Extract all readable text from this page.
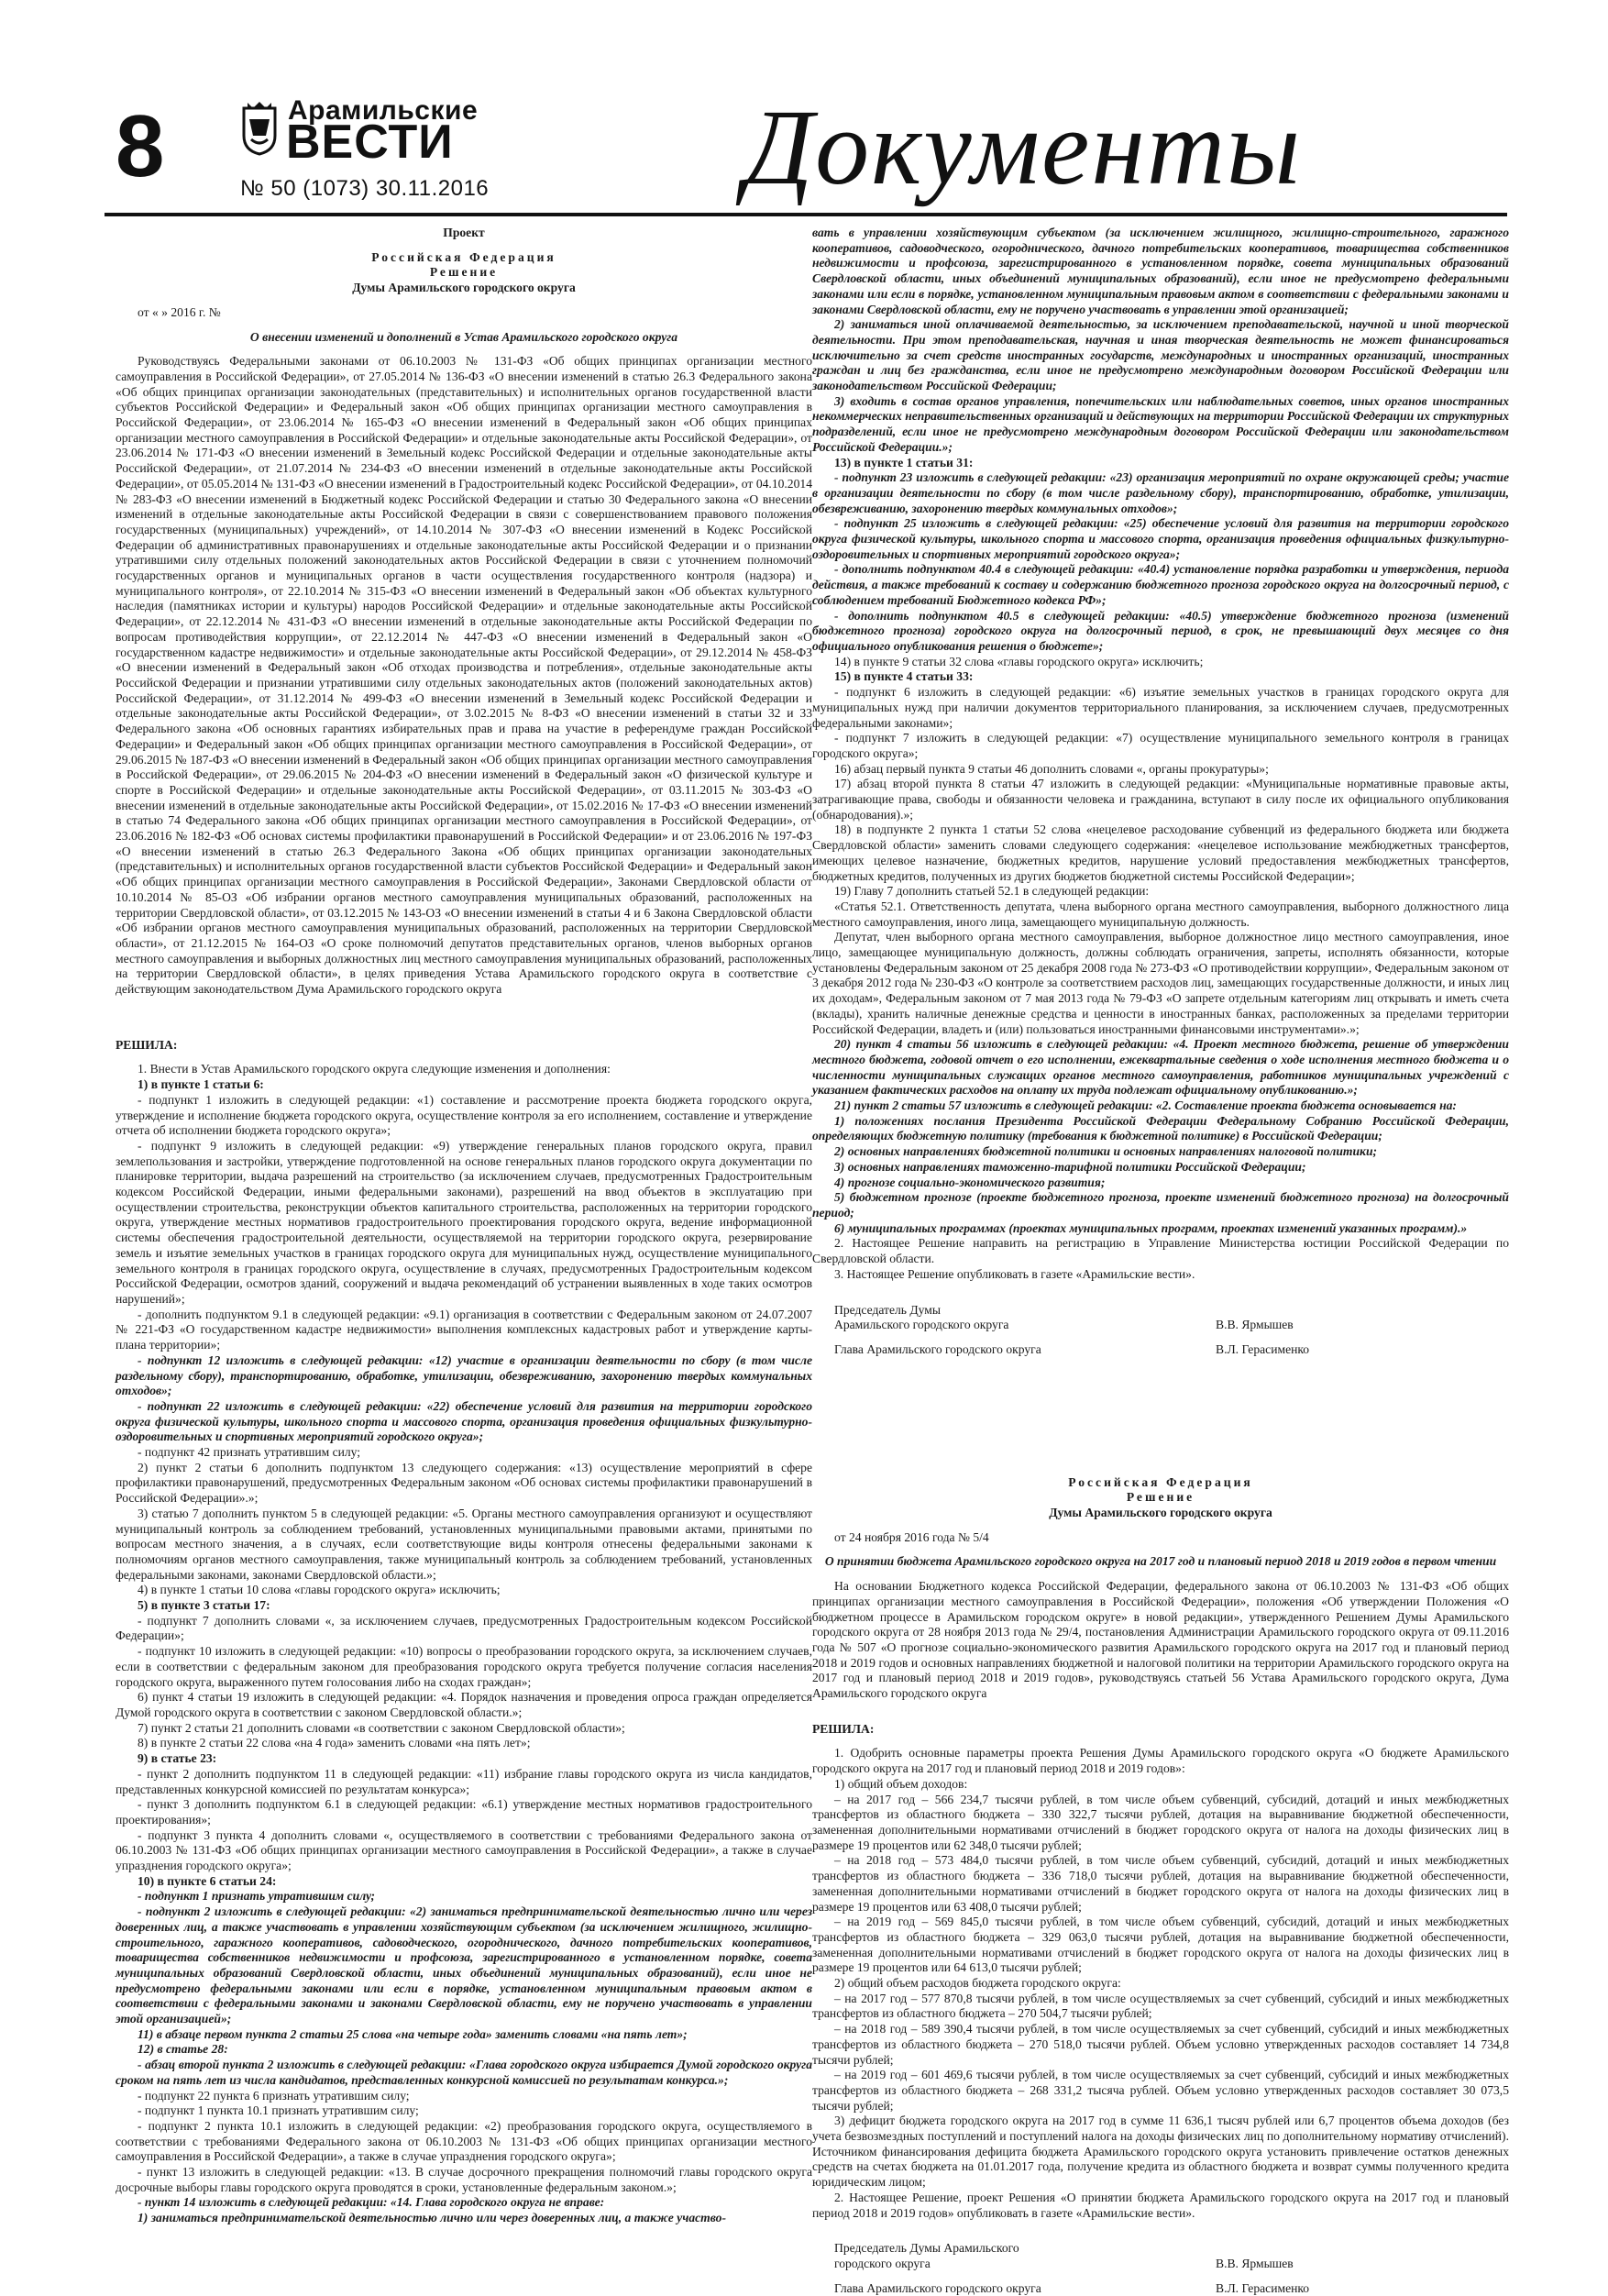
8	Арамильские
ВЕСТИ
№ 50 (1073) 30.11.2016 Документы

Проект

Российская Федерация

Решение

Думы Арамильского городского округа

от « » 2016 г. №

О внесении изменений и дополнений в Устав Арамильского городского округа

Руководствуясь Федеральными законами от 06.10.2003 № 131-ФЗ «Об общих принципах организации местного самоуправления в Российской Федерации», от 27.05.2014 № 136-ФЗ «О внесении изменений в статью 26.3 Федерального закона «Об общих принципах организации законодательных (представительных) и исполнительных органов государственной власти субъектов Российской Федерации» и Федеральный закон «Об общих принципах организации местного самоуправления в Российской Федерации», от 23.06.2014 № 165-ФЗ «О внесении изменений в Федеральный закон «Об общих принципах организации местного самоуправления в Российской Федерации» и отдельные законодательные акты Российской Федерации», от 23.06.2014 № 171-ФЗ «О внесении изменений в Земельный кодекс Российской Федерации и отдельные законодательные акты Российской Федерации», от 21.07.2014 № 234-ФЗ «О внесении изменений в отдельные законодательные акты Российской Федерации», от 05.05.2014 № 131-ФЗ «О внесении изменений в Градостроительный кодекс Российской Федерации», от 04.10.2014 № 283-ФЗ «О внесении изменений в Бюджетный кодекс Российской Федерации и статью 30 Федерального закона «О внесении изменений в отдельные законодательные акты Российской Федерации в связи с совершенствованием правового положения государственных (муниципальных) учреждений», от 14.10.2014 № 307-ФЗ «О внесении изменений в Кодекс Российской Федерации об административных правонарушениях и отдельные законодательные акты Российской Федерации и о признании утратившими силу отдельных положений законодательных актов Российской Федерации в связи с уточнением полномочий государственных органов и муниципальных органов в части осуществления государственного контроля (надзора) и муниципального контроля», от 22.10.2014 № 315-ФЗ «О внесении изменений в Федеральный закон «Об объектах культурного наследия (памятниках истории и культуры) народов Российской Федерации» и отдельные законодательные акты Российской Федерации», от 22.12.2014 № 431-ФЗ «О внесении изменений в отдельные законодательные акты Российской Федерации по вопросам противодействия коррупции», от 22.12.2014 № 447-ФЗ «О внесении изменений в Федеральный закон «О государственном кадастре недвижимости» и отдельные законодательные акты Российской Федерации», от 29.12.2014 № 458-ФЗ «О внесении изменений в Федеральный закон «Об отходах производства и потребления», отдельные законодательные акты Российской Федерации и признании утратившими силу отдельных законодательных актов (положений законодательных актов) Российской Федерации», от 31.12.2014 № 499-ФЗ «О внесении изменений в Земельный кодекс Российской Федерации и отдельные законодательные акты Российской Федерации», от 3.02.2015 № 8-ФЗ «О внесении изменений в статьи 32 и 33 Федерального закона «Об основных гарантиях избирательных прав и права на участие в референдуме граждан Российской Федерации» и Федеральный закон «Об общих принципах организации местного самоуправления в Российской Федерации», от 29.06.2015 № 187-ФЗ «О внесении изменений в Федеральный закон «Об общих принципах организации местного самоуправления в Российской Федерации», от 29.06.2015 № 204-ФЗ «О внесении изменений в Федеральный закон «О физической культуре и спорте в Российской Федерации» и отдельные законодательные акты Российской Федерации», от 03.11.2015 № 303-ФЗ «О внесении изменений в отдельные законодательные акты Российской Федерации», от 15.02.2016 № 17-ФЗ «О внесении изменений в статью 74 Федерального закона «Об общих принципах организации местного самоуправления в Российской Федерации», от 23.06.2016 № 182-ФЗ «Об основах системы профилактики правонарушений в Российской Федерации» и от 23.06.2016 № 197-ФЗ «О внесении изменений в статью 26.3 Федерального Закона «Об общих принципах организации законодательных (представительных) и исполнительных органов государственной власти субъектов Российской Федерации» и Федеральный закон «Об общих принципах организации местного самоуправления в Российской Федерации», Законами Свердловской области от 10.10.2014 № 85-ОЗ «Об избрании органов местного самоуправления муниципальных образований, расположенных на территории Свердловской области», от 03.12.2015 № 143-ОЗ «О внесении изменений в статьи 4 и 6 Закона Свердловской области «Об избрании органов местного самоуправления муниципальных образований, расположенных на территории Свердловской области», от 21.12.2015 № 164-ОЗ «О сроке полномочий депутатов представительных органов, членов выборных органов местного самоуправления и выборных должностных лиц местного самоуправления муниципальных образований, расположенных на территории Свердловской области», в целях приведения Устава Арамильского городского округа в соответствие с действующим законодательством Дума Арамильского городского округа

РЕШИЛА:

1. Внести в Устав Арамильского городского округа следующие изменения и дополнения:

1) в пункте 1 статьи 6:

- подпункт 1 изложить в следующей редакции: «1) составление и рассмотрение проекта бюджета городского округа, утверждение и исполнение бюджета городского округа, осуществление контроля за его исполнением, составление и утверждение отчета об исполнении бюджета городского округа»;

- подпункт 9 изложить в следующей редакции: «9) утверждение генеральных планов городского округа, правил землепользования и застройки, утверждение подготовленной на основе генеральных планов городского округа документации по планировке территории, выдача разрешений на строительство (за исключением случаев, предусмотренных Градостроительным кодексом Российской Федерации, иными федеральными законами), разрешений на ввод объектов в эксплуатацию при осуществлении строительства, реконструкции объектов капитального строительства, расположенных на территории городского округа, утверждение местных нормативов градостроительного проектирования городского округа, ведение информационной системы обеспечения градостроительной деятельности, осуществляемой на территории городского округа, резервирование земель и изъятие земельных участков в границах городского округа для муниципальных нужд, осуществление муниципального земельного контроля в границах городского округа, осуществление в случаях, предусмотренных Градостроительным кодексом Российской Федерации, осмотров зданий, сооружений и выдача рекомендаций об устранении выявленных в ходе таких осмотров нарушений»;

- дополнить подпунктом 9.1 в следующей редакции: «9.1) организация в соответствии с Федеральным законом от 24.07.2007 № 221-ФЗ «О государственном кадастре недвижимости» выполнения комплексных кадастровых работ и утверждение карты-плана территории»;

- подпункт 12 изложить в следующей редакции: «12) участие в организации деятельности по сбору (в том числе раздельному сбору), транспортированию, обработке, утилизации, обезвреживанию, захоронению твердых коммунальных отходов»;

- подпункт 22 изложить в следующей редакции: «22) обеспечение условий для развития на территории городского округа физической культуры, школьного спорта и массового спорта, организация проведения официальных физкультурно-оздоровительных и спортивных мероприятий городского округа»;

- подпункт 42 признать утратившим силу;

2) пункт 2 статьи 6 дополнить подпунктом 13 следующего содержания: «13) осуществление мероприятий в сфере профилактики правонарушений, предусмотренных Федеральным законом «Об основах системы профилактики правонарушений в Российской Федерации».»;

3) статью 7 дополнить пунктом 5 в следующей редакции: «5. Органы местного самоуправления организуют и осуществляют муниципальный контроль за соблюдением требований, установленных муниципальными правовыми актами, принятыми по вопросам местного значения, а в случаях, если соответствующие виды контроля отнесены федеральными законами к полномочиям органов местного самоуправления, также муниципальный контроль за соблюдением требований, установленных федеральными законами, законами Свердловской области.»;

4) в пункте 1 статьи 10 слова «главы городского округа» исключить;

5) в пункте 3 статьи 17:

- подпункт 7 дополнить словами «, за исключением случаев, предусмотренных Градостроительным кодексом Российской Федерации»;

- подпункт 10 изложить в следующей редакции: «10) вопросы о преобразовании городского округа, за исключением случаев, если в соответствии с федеральным законом для преобразования городского округа требуется получение согласия населения городского округа, выраженного путем голосования либо на сходах граждан»;

6) пункт 4 статьи 19 изложить в следующей редакции: «4. Порядок назначения и проведения опроса граждан определяется Думой городского округа в соответствии с законом Свердловской области.»;

7) пункт 2 статьи 21 дополнить словами «в соответствии с законом Свердловской области»;

8) в пункте 2 статьи 22 слова «на 4 года» заменить словами «на пять лет»;

9) в статье 23:

- пункт 2 дополнить подпунктом 11 в следующей редакции: «11) избрание главы городского округа из числа кандидатов, представленных конкурсной комиссией по результатам конкурса»;

- пункт 3 дополнить подпунктом 6.1 в следующей редакции: «6.1) утверждение местных нормативов градостроительного проектирования»;

- подпункт 3 пункта 4 дополнить словами «, осуществляемого в соответствии с требованиями Федерального закона от 06.10.2003 № 131-ФЗ «Об общих принципах организации местного самоуправления в Российской Федерации», а также в случае упразднения городского округа»;

10) в пункте 6 статьи 24:

- подпункт 1 признать утратившим силу;

- подпункт 2 изложить в следующей редакции: «2) заниматься предпринимательской деятельностью лично или через доверенных лиц, а также участвовать в управлении хозяйствующим субъектом (за исключением жилищного, жилищно-строительного, гаражного кооперативов, садоводческого, огороднического, дачного потребительских кооперативов, товарищества собственников недвижимости и профсоюза, зарегистрированного в установленном порядке, совета муниципальных образований Свердловской области, иных объединений муниципальных образований), если иное не предусмотрено федеральными законами или если в порядке, установленном муниципальным правовым актом в соответствии с федеральными законами и законами Свердловской области, ему не поручено участвовать в управлении этой организацией»;

11) в абзаце первом пункта 2 статьи 25 слова «на четыре года» заменить словами «на пять лет»;

12) в статье 28:

- абзац второй пункта 2 изложить в следующей редакции: «Глава городского округа избирается Думой городского округа сроком на пять лет из числа кандидатов, представленных конкурсной комиссией по результатам конкурса.»;

- подпункт 22 пункта 6 признать утратившим силу;

- подпункт 1 пункта 10.1 признать утратившим силу;

- подпункт 2 пункта 10.1 изложить в следующей редакции: «2) преобразования городского округа, осуществляемого в соответствии с требованиями Федерального закона от 06.10.2003 № 131-ФЗ «Об общих принципах организации местного самоуправления в Российской Федерации», а также в случае упразднения городского округа»;

- пункт 13 изложить в следующей редакции: «13. В случае досрочного прекращения полномочий главы городского округа досрочные выборы главы городского округа проводятся в сроки, установленные федеральным законом.»;

- пункт 14 изложить в следующей редакции: «14. Глава городского округа не вправе:

1) заниматься предпринимательской деятельностью лично или через доверенных лиц, а также участво-

вать в управлении хозяйствующим субъектом (за исключением жилищного, жилищно-строительного, гаражного кооперативов, садоводческого, огороднического, дачного потребительских кооперативов, товарищества собственников недвижимости и профсоюза, зарегистрированного в установленном порядке, совета муниципальных образований Свердловской области, иных объединений муниципальных образований), если иное не предусмотрено федеральными законами или если в порядке, установленном муниципальным правовым актом в соответствии с федеральными законами и законами Свердловской области, ему не поручено участвовать в управлении этой организацией;

2) заниматься иной оплачиваемой деятельностью, за исключением преподавательской, научной и иной творческой деятельности. При этом преподавательская, научная и иная творческая деятельность не может финансироваться исключительно за счет средств иностранных государств, международных и иностранных организаций, иностранных граждан и лиц без гражданства, если иное не предусмотрено международным договором Российской Федерации или законодательством Российской Федерации;

3) входить в состав органов управления, попечительских или наблюдательных советов, иных органов иностранных некоммерческих неправительственных организаций и действующих на территории Российской Федерации их структурных подразделений, если иное не предусмотрено международным договором Российской Федерации или законодательством Российской Федерации.»;

13) в пункте 1 статьи 31:

- подпункт 23 изложить в следующей редакции: «23) организация мероприятий по охране окружающей среды; участие в организации деятельности по сбору (в том числе раздельному сбору), транспортированию, обработке, утилизации, обезвреживанию, захоронению твердых коммунальных отходов»;

- подпункт 25 изложить в следующей редакции: «25) обеспечение условий для развития на территории городского округа физической культуры, школьного спорта и массового спорта, организация проведения официальных физкультурно-оздоровительных и спортивных мероприятий городского округа»;

- дополнить подпунктом 40.4 в следующей редакции: «40.4) установление порядка разработки и утверждения, периода действия, а также требований к составу и содержанию бюджетного прогноза городского округа на долгосрочный период, с соблюдением требований Бюджетного кодекса РФ»;

- дополнить подпунктом 40.5 в следующей редакции: «40.5) утверждение бюджетного прогноза (изменений бюджетного прогноза) городского округа на долгосрочный период, в срок, не превышающий двух месяцев со дня официального опубликования решения о бюджете»;

14) в пункте 9 статьи 32 слова «главы городского округа» исключить;

15) в пункте 4 статьи 33:

- подпункт 6 изложить в следующей редакции: «6) изъятие земельных участков в границах городского округа для муниципальных нужд при наличии документов территориального планирования, за исключением случаев, предусмотренных федеральными законами»;

- подпункт 7 изложить в следующей редакции: «7) осуществление муниципального земельного контроля в границах городского округа»;

16) абзац первый пункта 9 статьи 46 дополнить словами «, органы прокуратуры»;

17) абзац второй пункта 8 статьи 47 изложить в следующей редакции: «Муниципальные нормативные правовые акты, затрагивающие права, свободы и обязанности человека и гражданина, вступают в силу после их официального опубликования (обнародования).»;

18) в подпункте 2 пункта 1 статьи 52 слова «нецелевое расходование субвенций из федерального бюджета или бюджета Свердловской области» заменить словами следующего содержания: «нецелевое использование межбюджетных трансфертов, имеющих целевое назначение, бюджетных кредитов, нарушение условий предоставления межбюджетных трансфертов, бюджетных кредитов, полученных из других бюджетов бюджетной системы Российской Федерации»;

19) Главу 7 дополнить статьей 52.1 в следующей редакции:

«Статья 52.1. Ответственность депутата, члена выборного органа местного самоуправления, выборного должностного лица местного самоуправления, иного лица, замещающего муниципальную должность.

Депутат, член выборного органа местного самоуправления, выборное должностное лицо местного самоуправления, иное лицо, замещающее муниципальную должность, должны соблюдать ограничения, запреты, исполнять обязанности, которые установлены Федеральным законом от 25 декабря 2008 года № 273-ФЗ «О противодействии коррупции», Федеральным законом от 3 декабря 2012 года № 230-ФЗ «О контроле за соответствием расходов лиц, замещающих государственные должности, и иных лиц их доходам», Федеральным законом от 7 мая 2013 года № 79-ФЗ «О запрете отдельным категориям лиц открывать и иметь счета (вклады), хранить наличные денежные средства и ценности в иностранных банках, расположенных за пределами территории Российской Федерации, владеть и (или) пользоваться иностранными финансовыми инструментами».»;

20) пункт 4 статьи 56 изложить в следующей редакции: «4. Проект местного бюджета, решение об утверждении местного бюджета, годовой отчет о его исполнении, ежеквартальные сведения о ходе исполнения местного бюджета и о численности муниципальных служащих органов местного самоуправления, работников муниципальных учреждений с указанием фактических расходов на оплату их труда подлежат официальному опубликованию.»;

21) пункт 2 статьи 57 изложить в следующей редакции: «2. Составление проекта бюджета основывается на:

1) положениях послания Президента Российской Федерации Федеральному Собранию Российской Федерации, определяющих бюджетную политику (требования к бюджетной политике) в Российской Федерации;

2) основных направлениях бюджетной политики и основных направлениях налоговой политики;

3) основных направлениях таможенно-тарифной политики Российской Федерации;

4) прогнозе социально-экономического развития;

5) бюджетном прогнозе (проекте бюджетного прогноза, проекте изменений бюджетного прогноза) на долгосрочный период;

6) муниципальных программах (проектах муниципальных программ, проектах изменений указанных программ).»

2. Настоящее Решение направить на регистрацию в Управление Министерства юстиции Российской Федерации по Свердловской области.

3. Настоящее Решение опубликовать в газете «Арамильские вести».

Председатель Думы

Арамильского городского округа	В.В. Ярмышев
Глава Арамильского городского округа	В.Л. Герасименко

Российская Федерация

Решение

Думы Арамильского городского округа

от 24 ноября 2016 года № 5/4

О принятии бюджета Арамильского городского округа на 2017 год и плановый период 2018 и 2019 годов в первом чтении

На основании Бюджетного кодекса Российской Федерации, федерального закона от 06.10.2003 № 131-ФЗ «Об общих принципах организации местного самоуправления в Российской Федерации», положения «Об утверждении Положения «О бюджетном процессе в Арамильском городском округе» в новой редакции», утвержденного Решением Думы Арамильского городского округа от 28 ноября 2013 года № 29/4, постановления Администрации Арамильского городского округа от 09.11.2016 года № 507 «О прогнозе социально-экономического развития Арамильского городского округа на 2017 год и плановый период 2018 и 2019 годов и основных направлениях бюджетной и налоговой политики на территории Арамильского городского округа на 2017 год и плановый период 2018 и 2019 годов», руководствуясь статьей 56 Устава Арамильского городского округа, Дума Арамильского городского округа

РЕШИЛА:

1. Одобрить основные параметры проекта Решения Думы Арамильского городского округа «О бюджете Арамильского городского округа на 2017 год и плановый период 2018 и 2019 годов»:

1) общий объем доходов:

– на 2017 год – 566 234,7 тысячи рублей, в том числе объем субвенций, субсидий, дотаций и иных межбюджетных трансфертов из областного бюджета – 330 322,7 тысячи рублей, дотация на выравнивание бюджетной обеспеченности, замененная дополнительными нормативами отчислений в бюджет городского округа от налога на доходы физических лиц в размере 19 процентов или 62 348,0 тысячи рублей;

– на 2018 год – 573 484,0 тысячи рублей, в том числе объем субвенций, субсидий, дотаций и иных межбюджетных трансфертов из областного бюджета – 336 718,0 тысячи рублей, дотация на выравнивание бюджетной обеспеченности, замененная дополнительными нормативами отчислений в бюджет городского округа от налога на доходы физических лиц в размере 19 процентов или 63 408,0 тысячи рублей;

– на 2019 год – 569 845,0 тысячи рублей, в том числе объем субвенций, субсидий, дотаций и иных межбюджетных трансфертов из областного бюджета – 329 063,0 тысячи рублей, дотация на выравнивание бюджетной обеспеченности, замененная дополнительными нормативами отчислений в бюджет городского округа от налога на доходы физических лиц в размере 19 процентов или 64 613,0 тысячи рублей;

2) общий объем расходов бюджета городского округа:

– на 2017 год – 577 870,8 тысячи рублей, в том числе осуществляемых за счет субвенций, субсидий и иных межбюджетных трансфертов из областного бюджета – 270 504,7 тысячи рублей;

– на 2018 год – 589 390,4 тысячи рублей, в том числе осуществляемых за счет субвенций, субсидий и иных межбюджетных трансфертов из областного бюджета – 270 518,0 тысячи рублей. Объем условно утвержденных расходов составляет 14 734,8 тысячи рублей;

– на 2019 год – 601 469,6 тысячи рублей, в том числе осуществляемых за счет субвенций, субсидий и иных межбюджетных трансфертов из областного бюджета – 268 331,2 тысяча рублей. Объем условно утвержденных расходов составляет 30 073,5 тысячи рублей;

3) дефицит бюджета городского округа на 2017 год в сумме 11 636,1 тысяч рублей или 6,7 процентов объема доходов (без учета безвозмездных поступлений и поступлений налога на доходы физических лиц по дополнительному нормативу отчислений). Источником финансирования дефицита бюджета Арамильского городского округа установить привлечение остатков денежных средств на счетах бюджета на 01.01.2017 года, получение кредита из областного бюджета и возврат суммы полученного кредита юридическим лицом;

2. Настоящее Решение, проект Решения «О принятии бюджета Арамильского городского округа на 2017 год и плановый период 2018 и 2019 годов» опубликовать в газете «Арамильские вести».

Председатель Думы Арамильского

городского округа	В.В. Ярмышев
Глава Арамильского городского округа	В.Л. Герасименко
